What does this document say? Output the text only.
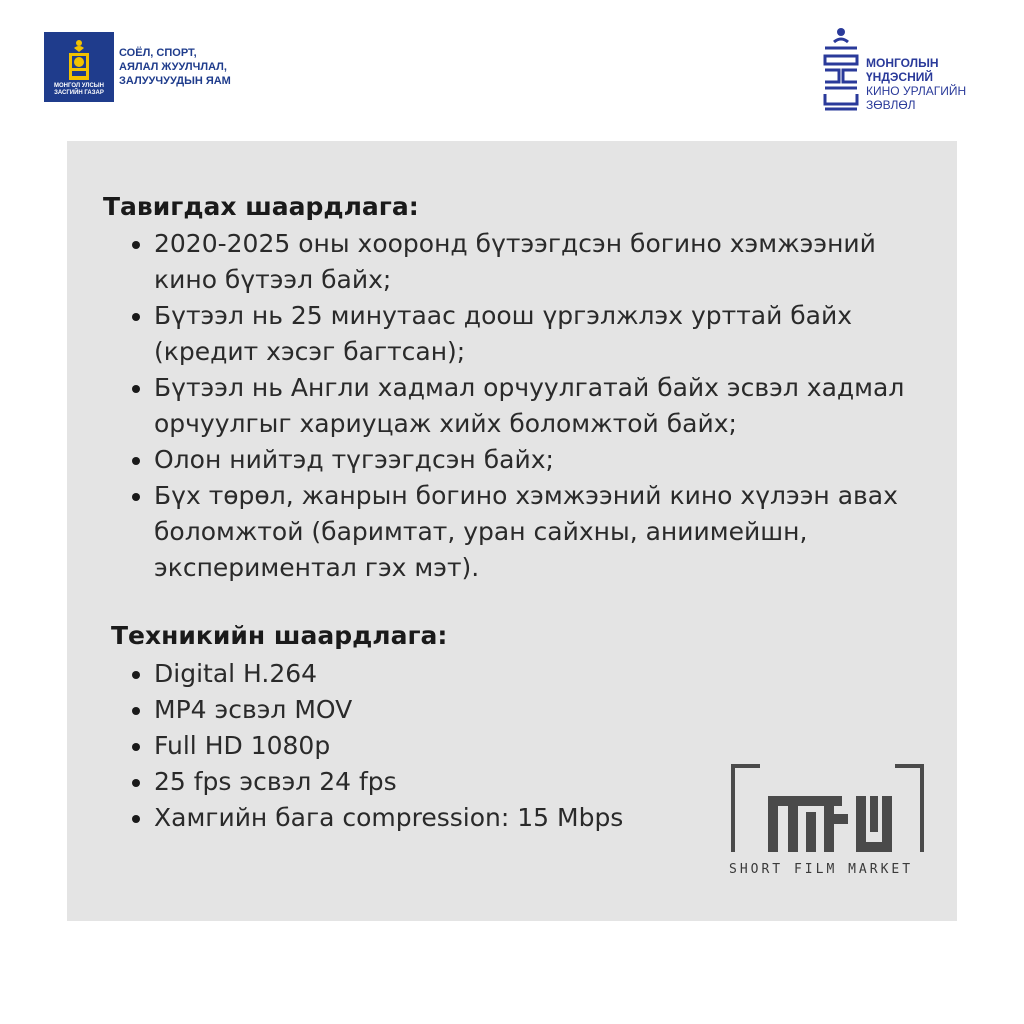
МОНГОЛ УЛСЫН
ЗАСГИЙН ГАЗАР
СОЁЛ, СПОРТ,
АЯЛАЛ ЖУУЛЧЛАЛ,
ЗАЛУУЧУУДЫН ЯАМ
МОНГОЛЫН
ҮНДЭСНИЙ
КИНО УРЛАГИЙН
ЗӨВЛӨЛ
Тавигдах шаардлага:
2020-2025 оны хооронд бүтээгдсэн богино хэмжээний кино бүтээл байх;
Бүтээл нь 25 минутаас доош үргэлжлэх урттай байх (кредит хэсэг багтсан);
Бүтээл нь Англи хадмал орчуулгатай байх эсвэл хадмал орчуулгыг хариуцаж хийх боломжтой байх;
Олон нийтэд түгээгдсэн байх;
Бүх төрөл, жанрын богино хэмжээний кино хүлээн авах боломжтой (баримтат, уран сайхны, аниимейшн, экспериментал гэх мэт).
Техникийн шаардлага:
Digital H.264
MP4 эсвэл MOV
Full HD 1080p
25 fps эсвэл 24 fps
Хамгийн бага compression: 15 Mbps
SHORT FILM MARKET
